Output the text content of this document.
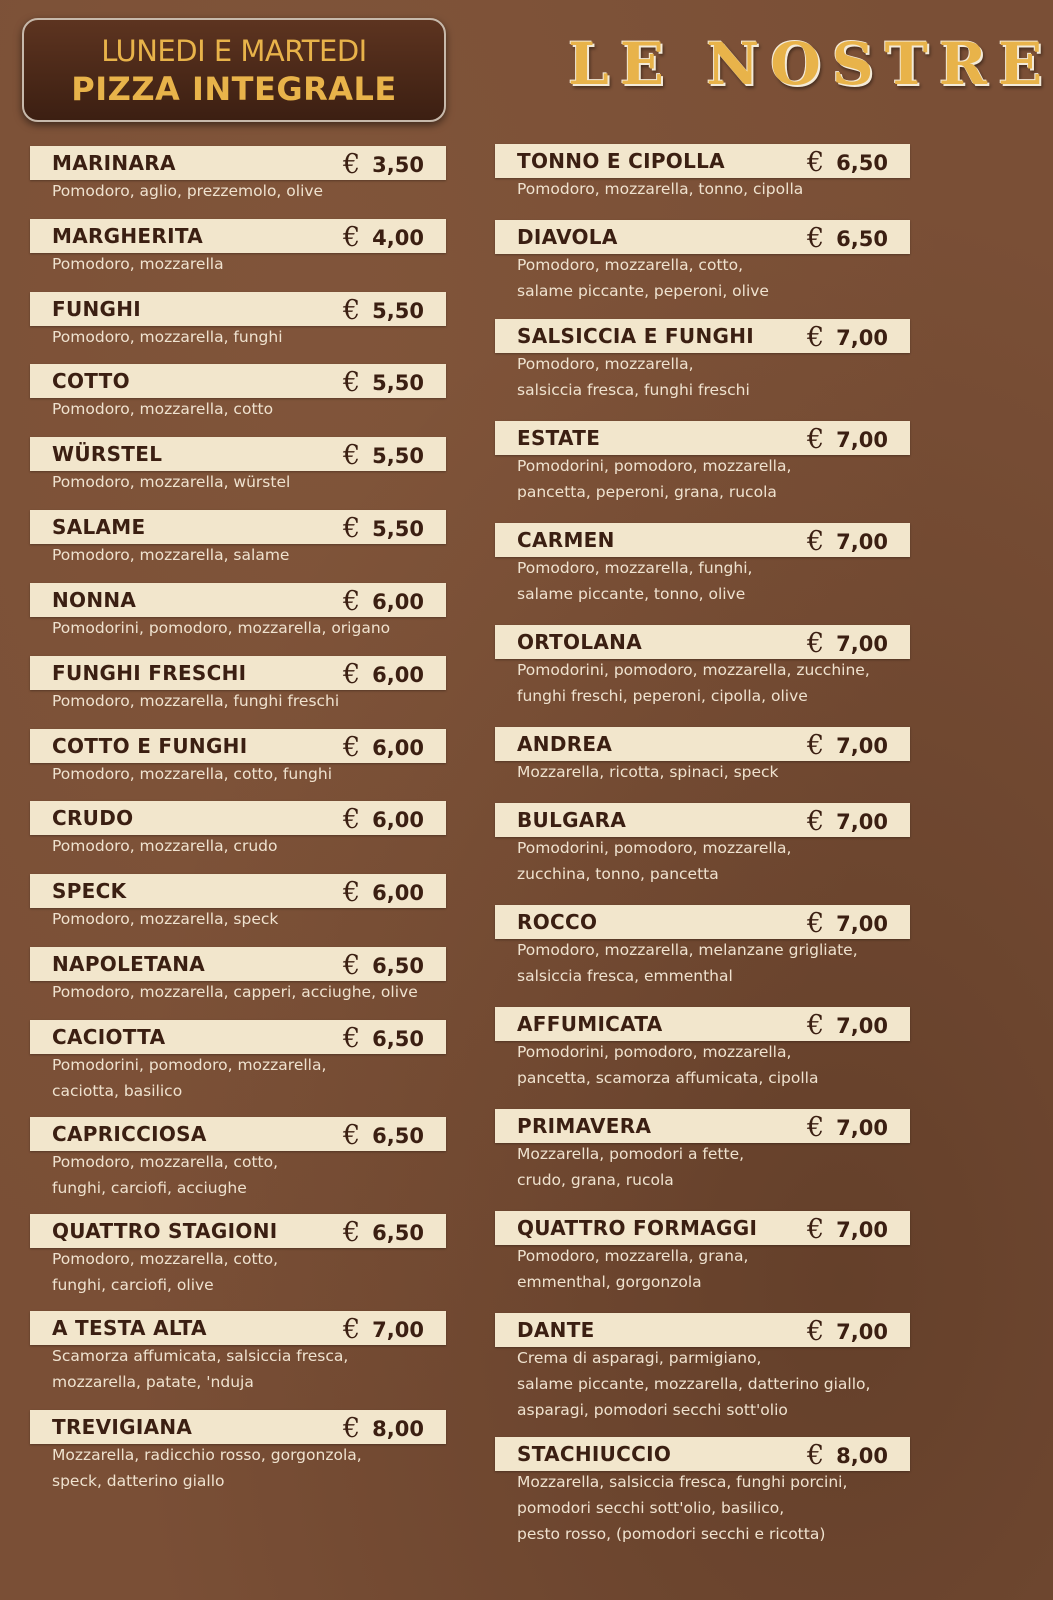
LUNEDI E MARTEDI
PIZZA INTEGRALE	LE NOSTRE
MARINARA	€ 3,50
Pomodoro, aglio, prezzemolo, olive
MARGHERITA	€ 4,00
Pomodoro, mozzarella
FUNGHI	€ 5,50
Pomodoro, mozzarella, funghi
COTTO	€ 5,50
Pomodoro, mozzarella, cotto
WÜRSTEL	€ 5,50
Pomodoro, mozzarella, würstel
SALAME	€ 5,50
Pomodoro, mozzarella, salame
NONNA	€ 6,00
Pomodorini, pomodoro, mozzarella, origano
FUNGHI FRESCHI	€ 6,00
Pomodoro, mozzarella, funghi freschi
COTTO E FUNGHI	€ 6,00
Pomodoro, mozzarella, cotto, funghi
CRUDO	€ 6,00
Pomodoro, mozzarella, crudo
SPECK	€ 6,00
Pomodoro, mozzarella, speck
NAPOLETANA	€ 6,50
Pomodoro, mozzarella, capperi, acciughe, olive
CACIOTTA	€ 6,50
Pomodorini, pomodoro, mozzarella,
caciotta, basilico
CAPRICCIOSA	€ 6,50
Pomodoro, mozzarella, cotto,
funghi, carciofi, acciughe
QUATTRO STAGIONI € 6,50
Pomodoro, mozzarella, cotto,
funghi, carciofi, olive
A TESTA ALTA	€ 7,00
Scamorza affumicata, salsiccia fresca,
mozzarella, patate, 'nduja
TREVIGIANA	€ 8,00
Mozzarella, radicchio rosso, gorgonzola,
speck, datterino giallo
TONNO E CIPOLLA	€ 6,50
Pomodoro, mozzarella, tonno, cipolla
DIAVOLA	€ 6,50
Pomodoro, mozzarella, cotto,
salame piccante, peperoni, olive
SALSICCIA E FUNGHI € 7,00
Pomodoro, mozzarella,
salsiccia fresca, funghi freschi
ESTATE	€ 7,00
Pomodorini, pomodoro, mozzarella,
pancetta, peperoni, grana, rucola
CARMEN	€ 7,00
Pomodoro, mozzarella, funghi,
salame piccante, tonno, olive
ORTOLANA	€ 7,00
Pomodorini, pomodoro, mozzarella, zucchine,
funghi freschi, peperoni, cipolla, olive
ANDREA	€ 7,00
Mozzarella, ricotta, spinaci, speck
BULGARA	€ 7,00
Pomodorini, pomodoro, mozzarella,
zucchina, tonno, pancetta
ROCCO	€ 7,00
Pomodoro, mozzarella, melanzane grigliate,
salsiccia fresca, emmenthal
AFFUMICATA	€ 7,00
Pomodorini, pomodoro, mozzarella,
pancetta, scamorza affumicata, cipolla
PRIMAVERA	€ 7,00
Mozzarella, pomodori a fette,
crudo, grana, rucola
QUATTRO FORMAGGI € 7,00
Pomodoro, mozzarella, grana,
emmenthal, gorgonzola
DANTE	€ 7,00
Crema di asparagi, parmigiano,
salame piccante, mozzarella, datterino giallo,
asparagi, pomodori secchi sott'olio
STACHIUCCIO	€ 8,00
Mozzarella, salsiccia fresca, funghi porcini,
pomodori secchi sott'olio, basilico,
pesto rosso, (pomodori secchi e ricotta)
